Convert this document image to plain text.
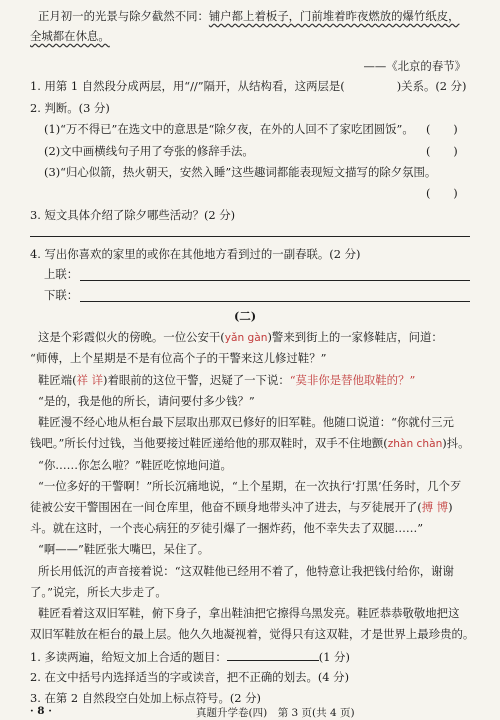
正月初一的光景与除夕截然不同：铺户都上着板子，门前堆着昨夜燃放的爆竹纸皮，
全城都在休息。
——《北京的春节》
1. 用第 1 自然段分成两层，用“//”隔开，从结构看，这两层是(	)关系。(2 分)
2. 判断。(3 分)
(1)“万不得已”在选文中的意思是“除夕夜，在外的人回不了家吃团圆饭”。 (　　)
(2)文中画横线句子用了夸张的修辞手法。	(　　)
(3)“归心似箭，热火朝天，安然入睡”这些趣词都能表现短文描写的除夕氛围。
(　　)
3. 短文具体介绍了除夕哪些活动？(2 分)
4. 写出你喜欢的家里的或你在其他地方看到过的一副春联。(2 分)
上联：
下联：
(二)
这是个彩霞似火的傍晚。一位公安干(yǎn gàn)警来到街上的一家修鞋店，问道：
“师傅，上个星期是不是有位高个子的干警来这儿修过鞋？”
鞋匠端(祥 详)着眼前的这位干警，迟疑了一下说：“莫非你是替他取鞋的？”
“是的，我是他的所长，请问要付多少钱？”
鞋匠漫不经心地从柜台最下层取出那双已修好的旧军鞋。他随口说道：“你就付三元
钱吧。”所长付过钱，当他要接过鞋匠递给他的那双鞋时，双手不住地颤(zhàn chàn)抖。
“你……你怎么啦？”鞋匠吃惊地问道。
“一位多好的干警啊！”所长沉痛地说，“上个星期，在一次执行‘打黑’任务时，几个歹
徒被公安干警围困在一间仓库里，他奋不顾身地带头冲了进去，与歹徒展开了(搏 博)
斗。就在这时，一个丧心病狂的歹徒引爆了一捆炸药，他不幸失去了双腿……”
“啊——”鞋匠张大嘴巴，呆住了。
所长用低沉的声音接着说：“这双鞋他已经用不着了，他特意让我把钱付给你，谢谢
了。”说完，所长大步走了。
鞋匠看着这双旧军鞋，俯下身子，拿出鞋油把它擦得乌黑发亮。鞋匠恭恭敬敬地把这
双旧军鞋放在柜台的最上层。他久久地凝视着，觉得只有这双鞋，才是世界上最珍贵的。
1. 多读两遍，给短文加上合适的题目：	(1 分)
2. 在文中括号内选择适当的字或读音，把不正确的划去。(4 分)
3. 在第 2 自然段空白处加上标点符号。(2 分)
· 8 ·	真题升学卷(四)　第 3 页(共 4 页)
